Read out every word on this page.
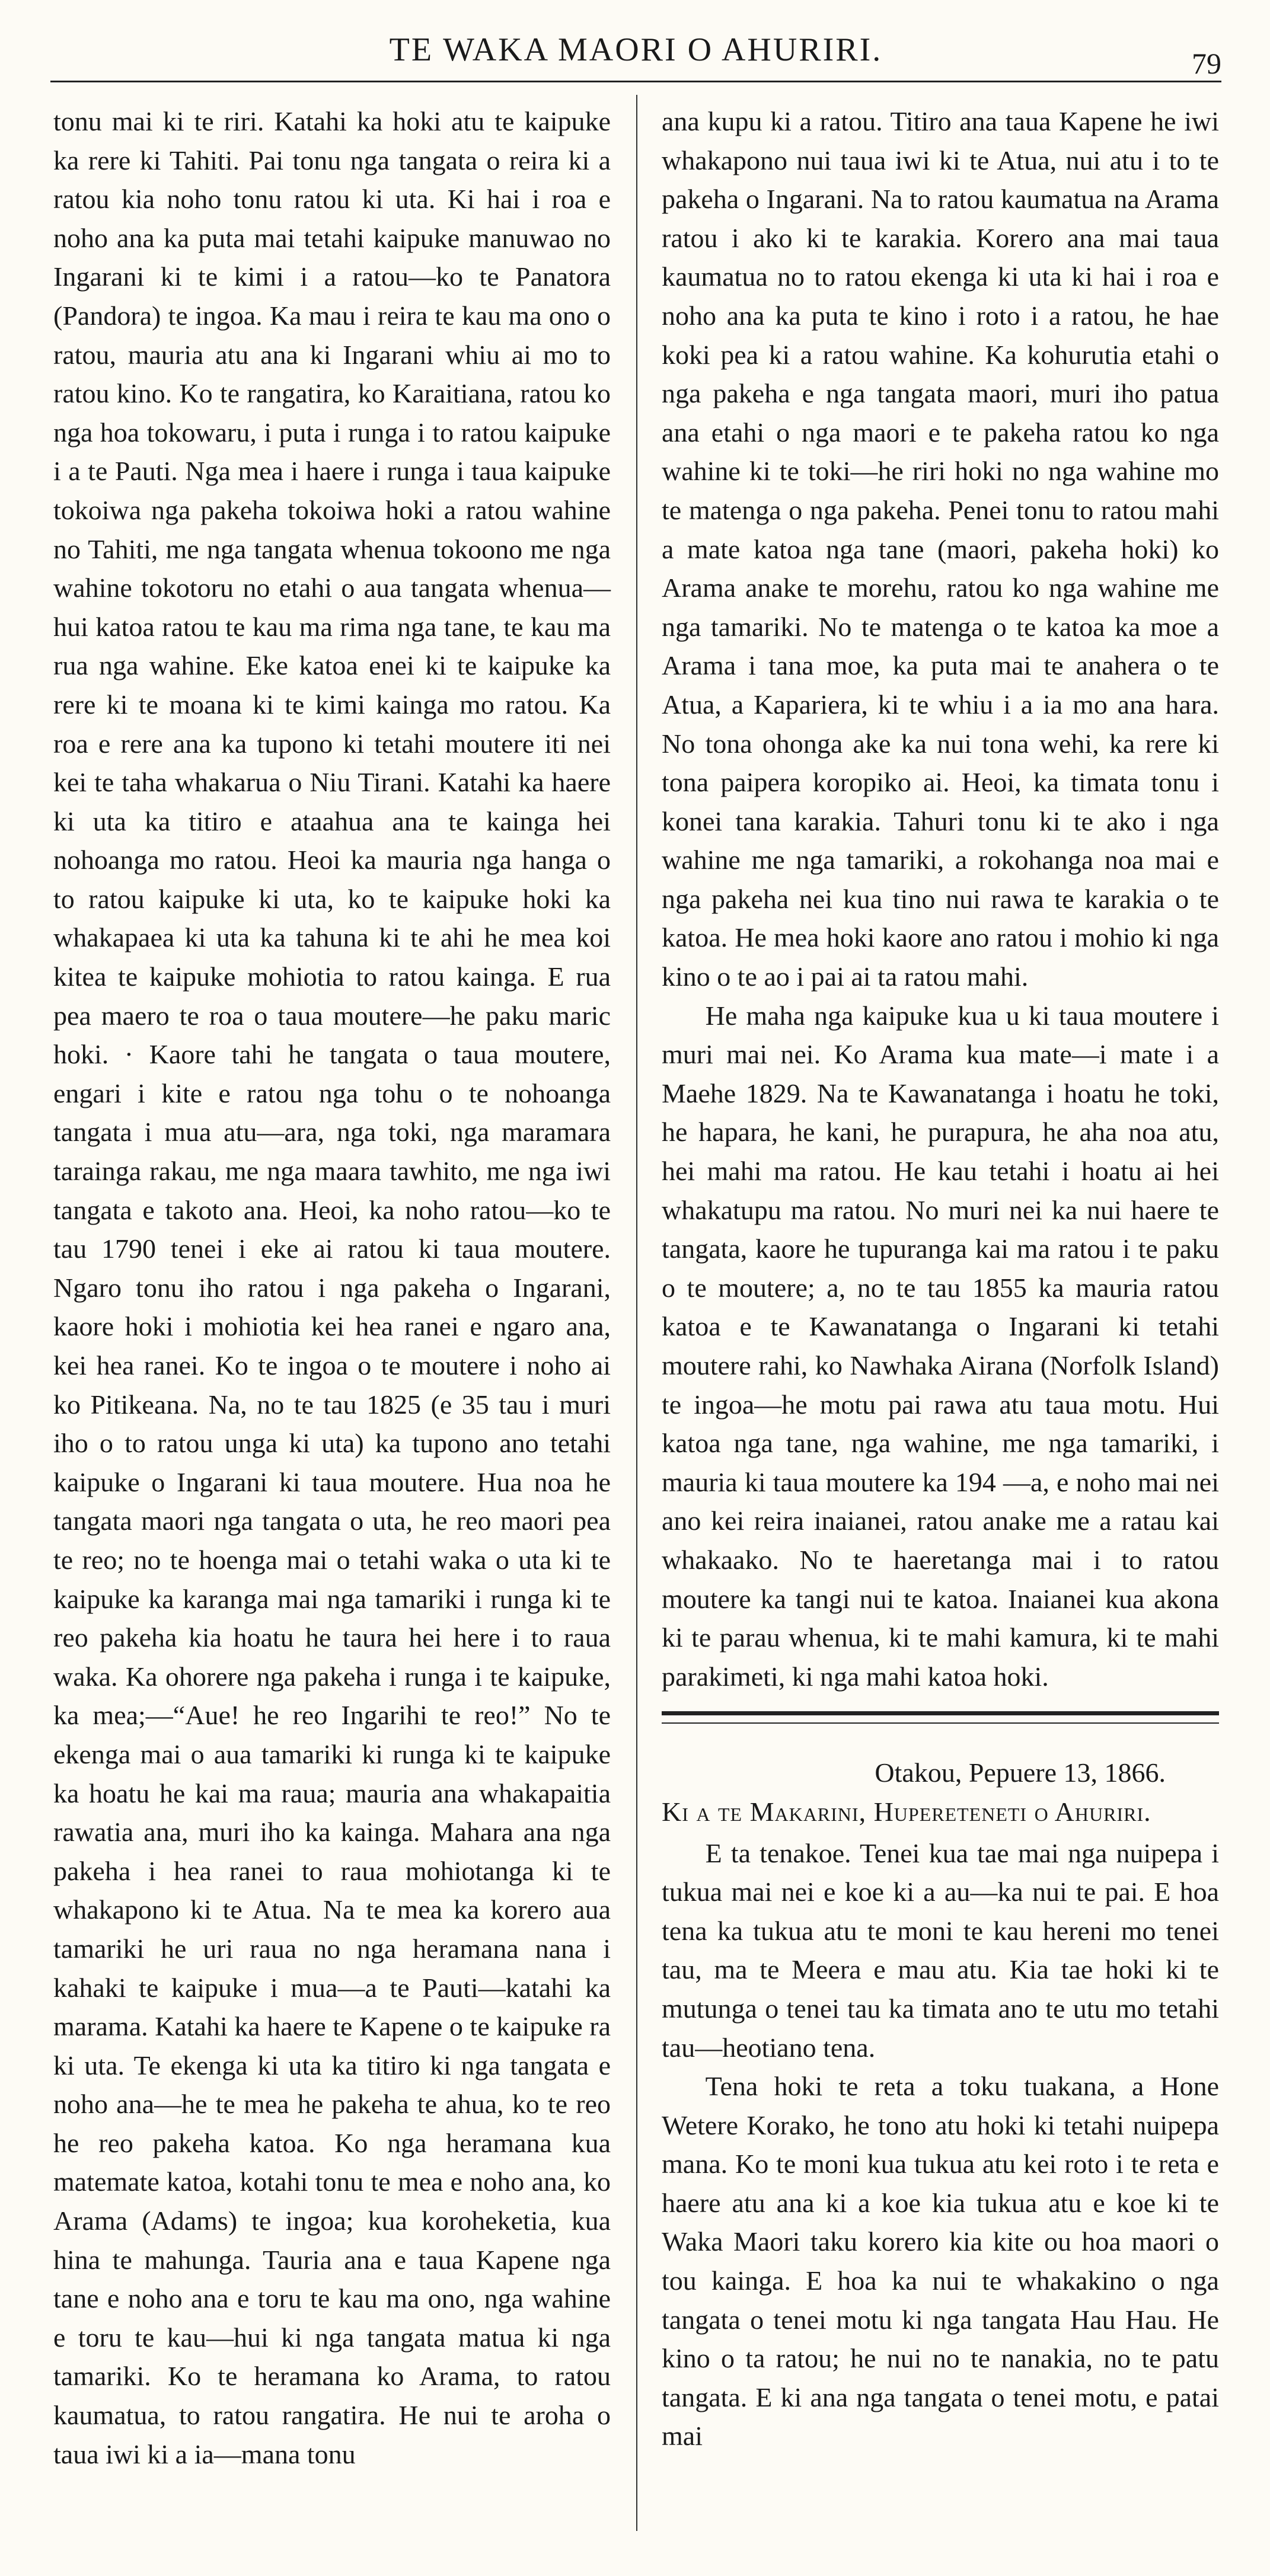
TE WAKA MAORI O AHURIRI.	79

tonu mai ki te riri. Katahi ka hoki atu te kaipuke ka rere ki Tahiti. Pai tonu nga tangata o reira ki a ratou kia noho tonu ratou ki uta. Ki hai i roa e noho ana ka puta mai tetahi kaipuke manuwao no Ingarani ki te kimi i a ratou—ko te Panatora (Pandora) te ingoa. Ka mau i reira te kau ma ono o ratou, mauria atu ana ki Ingarani whiu ai mo to ratou kino. Ko te rangatira, ko Karaitiana, ratou ko nga hoa tokowaru, i puta i runga i to ratou kaipuke i a te Pauti. Nga mea i haere i runga i taua kaipuke tokoiwa nga pakeha tokoiwa hoki a ratou wahine no Tahiti, me nga tangata whenua tokoono me nga wahine tokotoru no etahi o aua tangata whenua—hui katoa ratou te kau ma rima nga tane, te kau ma rua nga wahine. Eke katoa enei ki te kaipuke ka rere ki te moana ki te kimi kainga mo ratou. Ka roa e rere ana ka tupono ki tetahi moutere iti nei kei te taha whakarua o Niu Tirani. Katahi ka haere ki uta ka titiro e ataahua ana te kainga hei nohoanga mo ratou. Heoi ka mauria nga hanga o to ratou kaipuke ki uta, ko te kaipuke hoki ka whakapaea ki uta ka tahuna ki te ahi he mea koi kitea te kaipuke mohiotia to ratou kainga. E rua pea maero te roa o taua moutere—he paku maric hoki. · Kaore tahi he tangata o taua moutere, engari i kite e ratou nga tohu o te nohoanga tangata i mua atu—ara, nga toki, nga maramara tarainga rakau, me nga maara tawhito, me nga iwi tangata e takoto ana. Heoi, ka noho ratou—ko te tau 1790 tenei i eke ai ratou ki taua moutere. Ngaro tonu iho ratou i nga pakeha o Ingarani, kaore hoki i mohiotia kei hea ranei e ngaro ana, kei hea ranei. Ko te ingoa o te moutere i noho ai ko Pitikeana. Na, no te tau 1825 (e 35 tau i muri iho o to ratou unga ki uta) ka tupono ano tetahi kaipuke o Ingarani ki taua moutere. Hua noa he tangata maori nga tangata o uta, he reo maori pea te reo; no te hoenga mai o tetahi waka o uta ki te kaipuke ka karanga mai nga tamariki i runga ki te reo pakeha kia hoatu he taura hei here i to raua waka. Ka ohorere nga pakeha i runga i te kaipuke, ka mea;—“Aue! he reo Ingarihi te reo!” No te ekenga mai o aua tamariki ki runga ki te kaipuke ka hoatu he kai ma raua; mauria ana whakapaitia rawatia ana, muri iho ka kainga. Mahara ana nga pakeha i hea ranei to raua mohiotanga ki te whakapono ki te Atua. Na te mea ka korero aua tamariki he uri raua no nga heramana nana i kahaki te kaipuke i mua—a te Pauti—katahi ka marama. Katahi ka haere te Kapene o te kaipuke ra ki uta. Te ekenga ki uta ka titiro ki nga tangata e noho ana—he te mea he pakeha te ahua, ko te reo he reo pakeha katoa. Ko nga heramana kua matemate katoa, kotahi tonu te mea e noho ana, ko Arama (Adams) te ingoa; kua koroheketia, kua hina te mahunga. Tauria ana e taua Kapene nga tane e noho ana e toru te kau ma ono, nga wahine e toru te kau—hui ki nga tangata matua ki nga tamariki. Ko te heramana ko Arama, to ratou kaumatua, to ratou rangatira. He nui te aroha o taua iwi ki a ia—mana tonu

ana kupu ki a ratou. Titiro ana taua Kapene he iwi whakapono nui taua iwi ki te Atua, nui atu i to te pakeha o Ingarani. Na to ratou kaumatua na Arama ratou i ako ki te karakia. Korero ana mai taua kaumatua no to ratou ekenga ki uta ki hai i roa e noho ana ka puta te kino i roto i a ratou, he hae koki pea ki a ratou wahine. Ka kohurutia etahi o nga pakeha e nga tangata maori, muri iho patua ana etahi o nga maori e te pakeha ratou ko nga wahine ki te toki—he riri hoki no nga wahine mo te matenga o nga pakeha. Penei tonu to ratou mahi a mate katoa nga tane (maori, pakeha hoki) ko Arama anake te morehu, ratou ko nga wahine me nga tamariki. No te matenga o te katoa ka moe a Arama i tana moe, ka puta mai te anahera o te Atua, a Kapariera, ki te whiu i a ia mo ana hara. No tona ohonga ake ka nui tona wehi, ka rere ki tona paipera koropiko ai. Heoi, ka timata tonu i konei tana karakia. Tahuri tonu ki te ako i nga wahine me nga tamariki, a rokohanga noa mai e nga pakeha nei kua tino nui rawa te karakia o te katoa. He mea hoki kaore ano ratou i mohio ki nga kino o te ao i pai ai ta ratou mahi.

He maha nga kaipuke kua u ki taua moutere i muri mai nei. Ko Arama kua mate—i mate i a Maehe 1829. Na te Kawanatanga i hoatu he toki, he hapara, he kani, he purapura, he aha noa atu, hei mahi ma ratou. He kau tetahi i hoatu ai hei whakatupu ma ratou. No muri nei ka nui haere te tangata, kaore he tupuranga kai ma ratou i te paku o te moutere; a, no te tau 1855 ka mauria ratou katoa e te Kawanatanga o Ingarani ki tetahi moutere rahi, ko Nawhaka Airana (Norfolk Island) te ingoa—he motu pai rawa atu taua motu. Hui katoa nga tane, nga wahine, me nga tamariki, i mauria ki taua moutere ka 194 —a, e noho mai nei ano kei reira inaianei, ratou anake me a ratau kai whakaako. No te haeretanga mai i to ratou moutere ka tangi nui te katoa. Inaianei kua akona ki te parau whenua, ki te mahi kamura, ki te mahi parakimeti, ki nga mahi katoa hoki.

Otakou, Pepuere 13, 1866.

Ki a te Makarini, Hupereteneti o Ahuriri.

E ta tenakoe. Tenei kua tae mai nga nuipepa i tukua mai nei e koe ki a au—ka nui te pai. E hoa tena ka tukua atu te moni te kau hereni mo tenei tau, ma te Meera e mau atu. Kia tae hoki ki te mutunga o tenei tau ka timata ano te utu mo tetahi tau—heotiano tena.

Tena hoki te reta a toku tuakana, a Hone Wetere Korako, he tono atu hoki ki tetahi nuipepa mana. Ko te moni kua tukua atu kei roto i te reta e haere atu ana ki a koe kia tukua atu e koe ki te Waka Maori taku korero kia kite ou hoa maori o tou kainga. E hoa ka nui te whakakino o nga tangata o tenei motu ki nga tangata Hau Hau. He kino o ta ratou; he nui no te nanakia, no te patu tangata. E ki ana nga tangata o tenei motu, e patai mai
